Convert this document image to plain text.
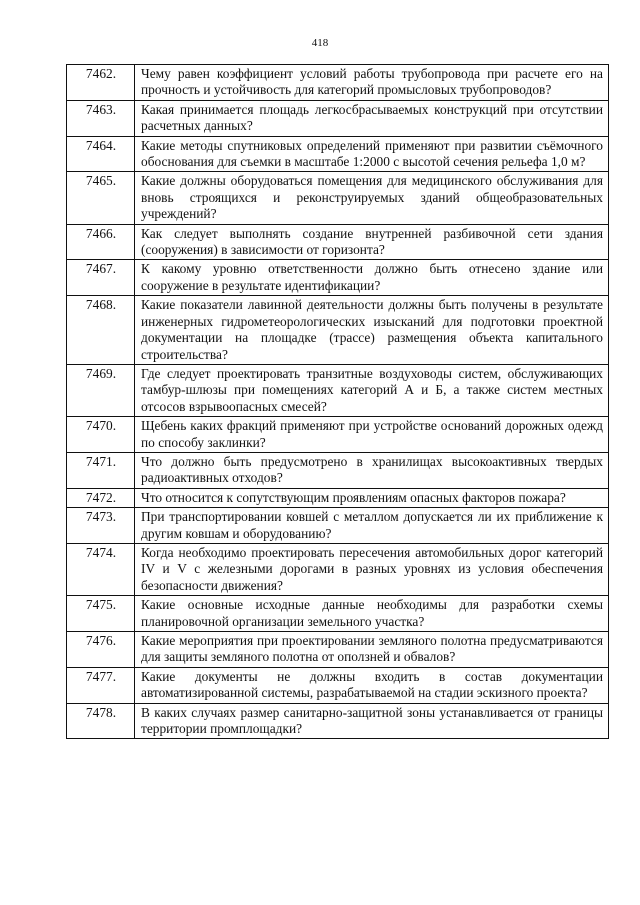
418
7462.	Чему равен коэффициент условий работы трубопровода при расчете его на прочность и устойчивость для категорий промысловых трубопроводов?
7463.	Какая принимается площадь легкосбрасываемых конструкций при отсутствии расчетных данных?
7464.	Какие методы спутниковых определений применяют при развитии съёмочного обоснования для съемки в масштабе 1:2000 с высотой сечения рельефа 1,0 м?
7465.	Какие должны оборудоваться помещения для медицинского обслуживания для вновь строящихся и реконструируемых зданий общеобразовательных учреждений?
7466.	Как следует выполнять создание внутренней разбивочной сети здания (сооружения) в зависимости от горизонта?
7467.	К какому уровню ответственности должно быть отнесено здание или сооружение в результате идентификации?
7468.	Какие показатели лавинной деятельности должны быть получены в результате инженерных гидрометеорологических изысканий для подготовки проектной документации на площадке (трассе) размещения объекта капитального строительства?
7469.	Где следует проектировать транзитные воздуховоды систем, обслуживающих тамбур-шлюзы при помещениях категорий А и Б, а также систем местных отсосов взрывоопасных смесей?
7470.	Щебень каких фракций применяют при устройстве оснований дорожных одежд по способу заклинки?
7471.	Что должно быть предусмотрено в хранилищах высокоактивных твердых радиоактивных отходов?
7472.	Что относится к сопутствующим проявлениям опасных факторов пожара?
7473.	При транспортировании ковшей с металлом допускается ли их приближение к другим ковшам и оборудованию?
7474.	Когда необходимо проектировать пересечения автомобильных дорог категорий IV и V с железными дорогами в разных уровнях из условия обеспечения безопасности движения?
7475.	Какие основные исходные данные необходимы для разработки схемы планировочной организации земельного участка?
7476.	Какие мероприятия при проектировании земляного полотна предусматриваются для защиты земляного полотна от оползней и обвалов?
7477.	Какие документы не должны входить в состав документации автоматизированной системы, разрабатываемой на стадии эскизного проекта?
7478.	В каких случаях размер санитарно-защитной зоны устанавливается от границы территории промплощадки?
